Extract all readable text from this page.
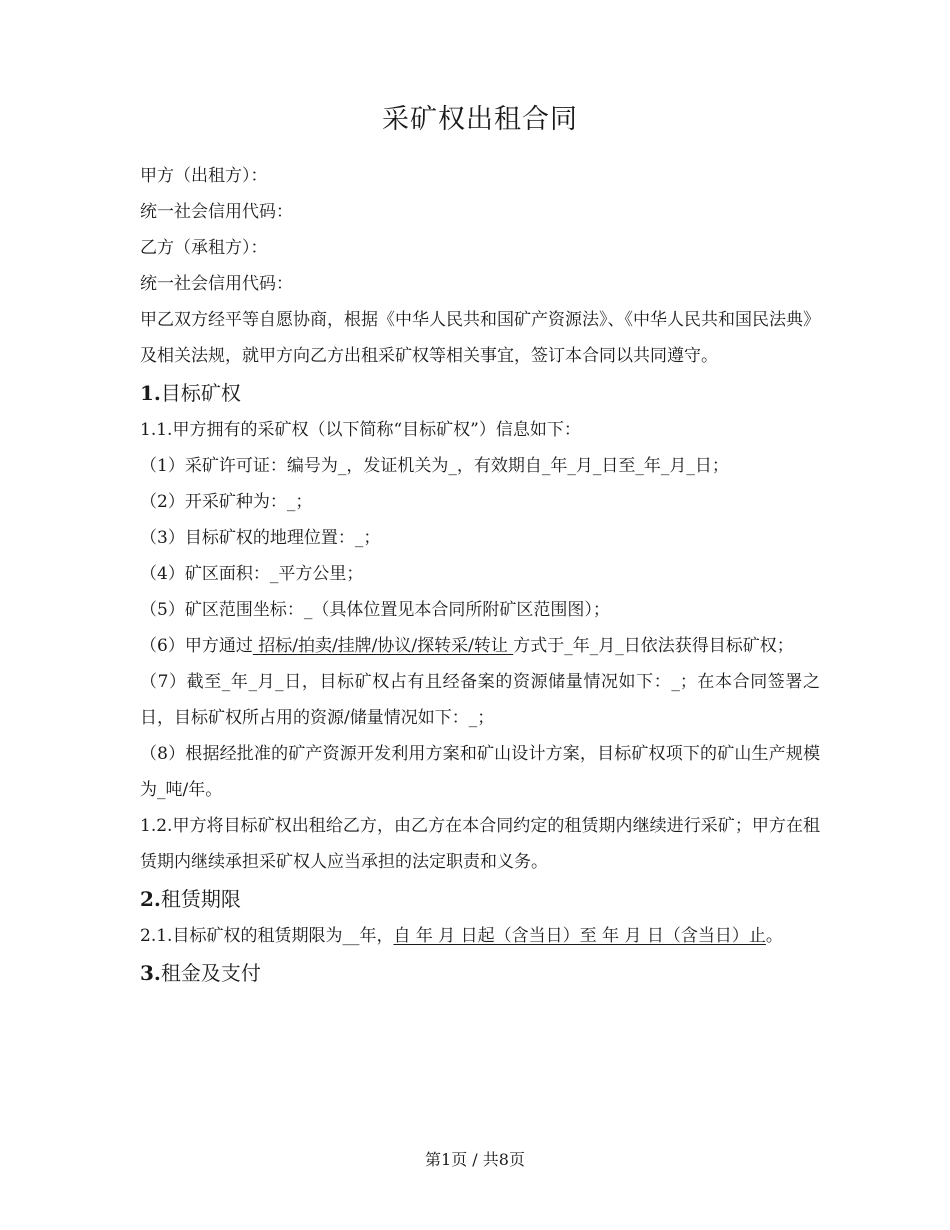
采矿权出租合同

甲方（出租方）：

统一社会信用代码：

乙方（承租方）：

统一社会信用代码：

甲乙双方经平等自愿协商，根据《中华人民共和国矿产资源法》、《中华人民共和国民法典》及相关法规，就甲方向乙方出租采矿权等相关事宜，签订本合同以共同遵守。

1.目标矿权

1.1.甲方拥有的采矿权（以下简称“目标矿权”）信息如下：

（1）采矿许可证：编号为_，发证机关为_，有效期自_年_月_日至_年_月_日；

（2）开采矿种为：_；

（3）目标矿权的地理位置：_；

（4）矿区面积：_平方公里；

（5）矿区范围坐标：_（具体位置见本合同所附矿区范围图）；

（6）甲方通过 招标/拍卖/挂牌/协议/探转采/转让 方式于_年_月_日依法获得目标矿权；

（7）截至_年_月_日，目标矿权占有且经备案的资源储量情况如下：_；在本合同签署之日，目标矿权所占用的资源/储量情况如下：_；

（8）根据经批准的矿产资源开发利用方案和矿山设计方案，目标矿权项下的矿山生产规模为_吨/年。

1.2.甲方将目标矿权出租给乙方，由乙方在本合同约定的租赁期内继续进行采矿；甲方在租赁期内继续承担采矿权人应当承担的法定职责和义务。

2.租赁期限

2.1.目标矿权的租赁期限为__年，自 年 月 日起（含当日）至 年 月 日（含当日）止。

3.租金及支付
第1页 / 共8页
